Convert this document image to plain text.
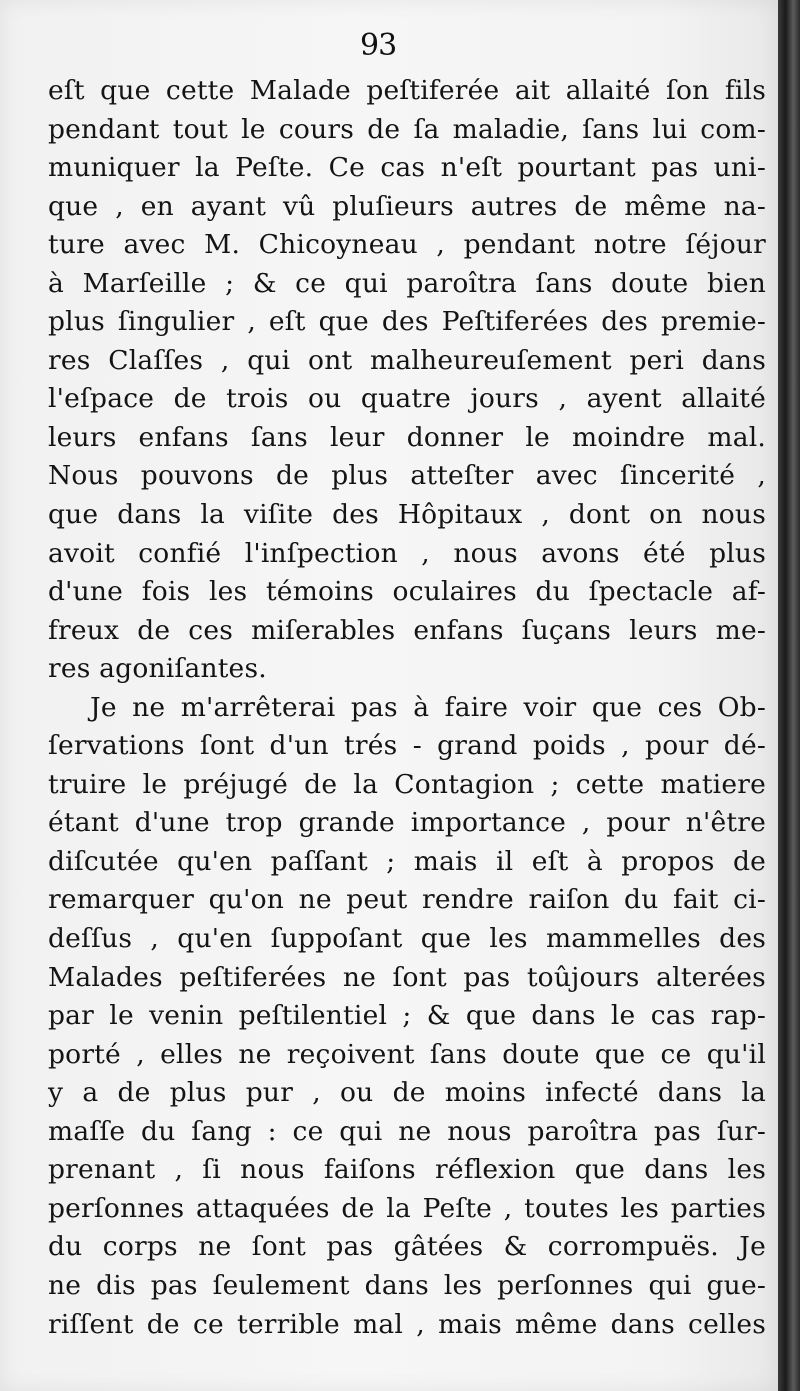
93
eſt que cette Malade peſtiferée ait allaité ſon fils
pendant tout le cours de ſa maladie, ſans lui com-
muniquer la Peſte. Ce cas n'eſt pourtant pas uni-
que , en ayant vû pluſieurs autres de même na-
ture avec M. Chicoyneau , pendant notre ſéjour
à Marſeille ; & ce qui paroîtra ſans doute bien
plus ſingulier , eſt que des Peſtiferées des premie-
res Claſſes , qui ont malheureuſement peri dans
l'eſpace de trois ou quatre jours , ayent allaité
leurs enfans ſans leur donner le moindre mal.
Nous pouvons de plus atteſter avec ſincerité ,
que dans la viſite des Hôpitaux , dont on nous
avoit confié l'inſpection , nous avons été plus
d'une fois les témoins oculaires du ſpectacle af-
freux de ces miſerables enfans ſuçans leurs me-
res agoniſantes.
Je ne m'arrêterai pas à faire voir que ces Ob-
ſervations ſont d'un trés - grand poids , pour dé-
truire le préjugé de la Contagion ; cette matiere
étant d'une trop grande importance , pour n'être
diſcutée qu'en paſſant ; mais il eſt à propos de
remarquer qu'on ne peut rendre raiſon du fait ci-
deſſus , qu'en ſuppoſant que les mammelles des
Malades peſtiferées ne ſont pas toûjours alterées
par le venin peſtilentiel ; & que dans le cas rap-
porté , elles ne reçoivent ſans doute que ce qu'il
y a de plus pur , ou de moins infecté dans la
maſſe du ſang : ce qui ne nous paroîtra pas ſur-
prenant , ſi nous faiſons réflexion que dans les
perſonnes attaquées de la Peſte , toutes les parties
du corps ne ſont pas gâtées & corrompuës. Je
ne dis pas ſeulement dans les perſonnes qui gue-
riſſent de ce terrible mal , mais même dans celles
